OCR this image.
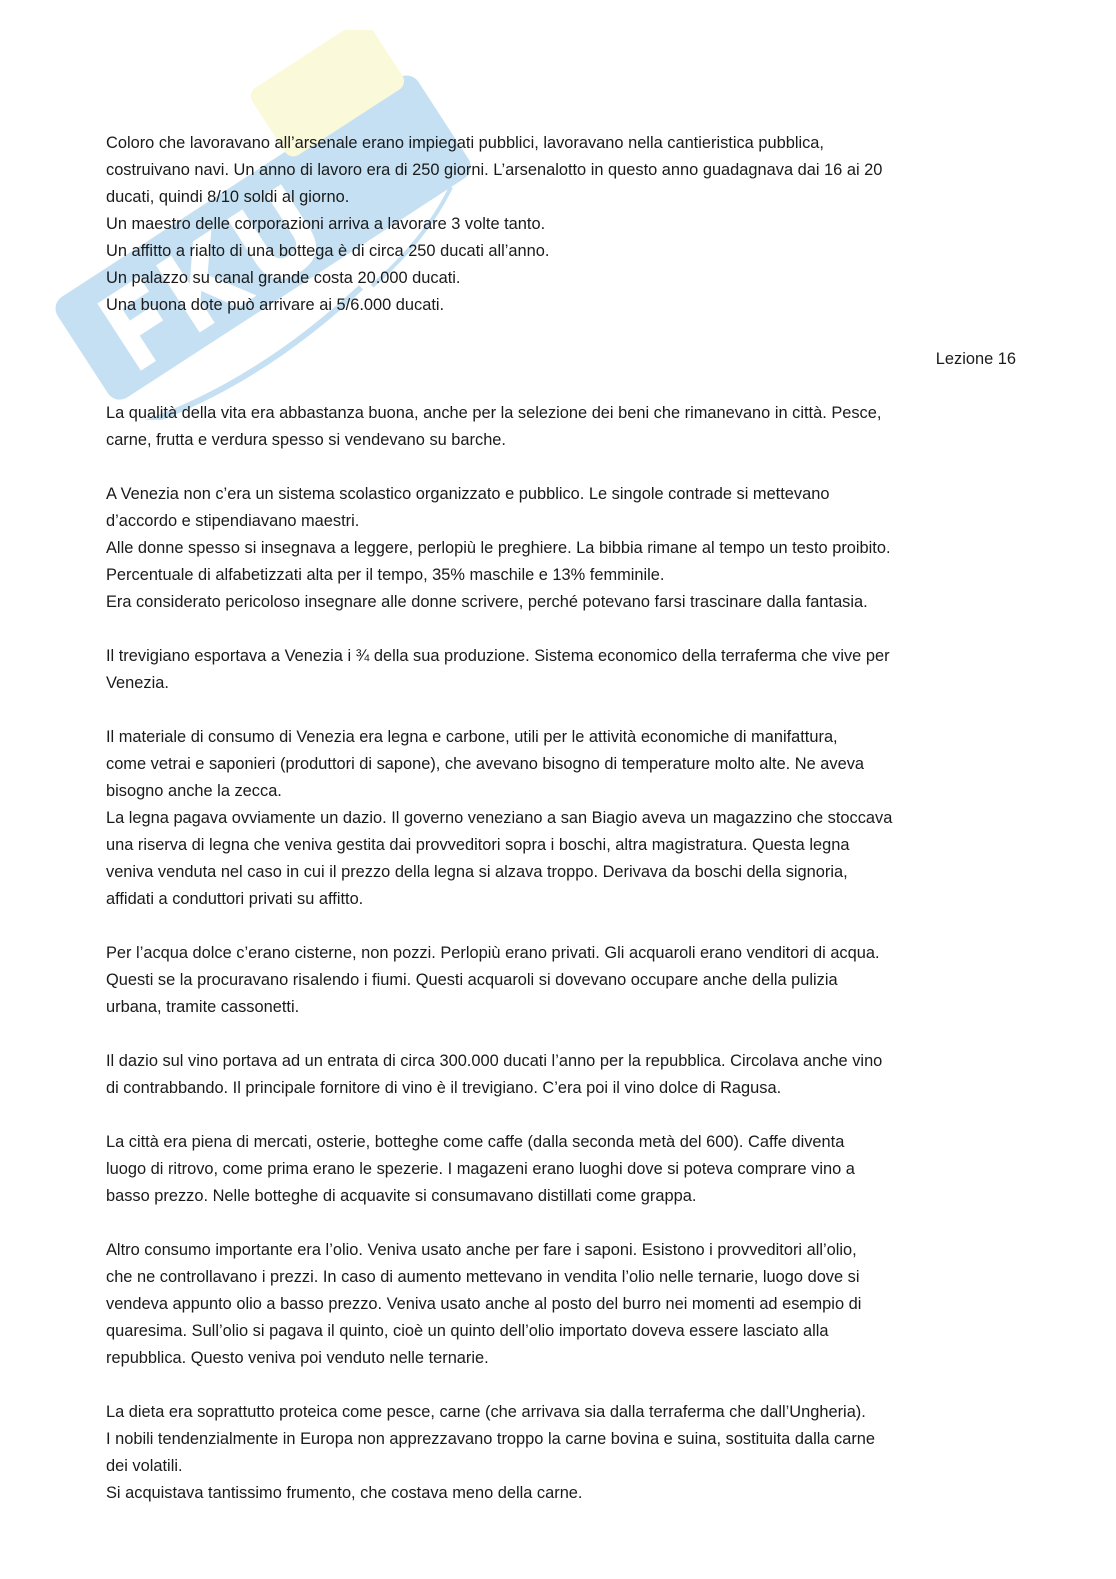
Coloro che lavoravano all’arsenale erano impiegati pubblici, lavoravano nella cantieristica pubblica,
costruivano navi. Un anno di lavoro era di 250 giorni. L’arsenalotto in questo anno guadagnava dai 16 ai 20
ducati, quindi 8/10 soldi al giorno.
Un maestro delle corporazioni arriva a lavorare 3 volte tanto.
Un affitto a rialto di una bottega è di circa 250 ducati all’anno.
Un palazzo su canal grande costa 20.000 ducati.
Una buona dote può arrivare ai 5/6.000 ducati.
Lezione 16
La qualità della vita era abbastanza buona, anche per la selezione dei beni che rimanevano in città. Pesce,
carne, frutta e verdura spesso si vendevano su barche.
A Venezia non c’era un sistema scolastico organizzato e pubblico. Le singole contrade si mettevano
d’accordo e stipendiavano maestri.
Alle donne spesso si insegnava a leggere, perlopiù le preghiere. La bibbia rimane al tempo un testo proibito.
Percentuale di alfabetizzati alta per il tempo, 35% maschile e 13% femminile.
Era considerato pericoloso insegnare alle donne scrivere, perché potevano farsi trascinare dalla fantasia.
Il trevigiano esportava a Venezia i ¾ della sua produzione. Sistema economico della terraferma che vive per
Venezia.
Il materiale di consumo di Venezia era legna e carbone, utili per le attività economiche di manifattura,
come vetrai e saponieri (produttori di sapone), che avevano bisogno di temperature molto alte. Ne aveva
bisogno anche la zecca.
La legna pagava ovviamente un dazio. Il governo veneziano a san Biagio aveva un magazzino che stoccava
una riserva di legna che veniva gestita dai provveditori sopra i boschi, altra magistratura. Questa legna
veniva venduta nel caso in cui il prezzo della legna si alzava troppo. Derivava da boschi della signoria,
affidati a conduttori privati su affitto.
Per l’acqua dolce c’erano cisterne, non pozzi. Perlopiù erano privati. Gli acquaroli erano venditori di acqua.
Questi se la procuravano risalendo i fiumi. Questi acquaroli si dovevano occupare anche della pulizia
urbana, tramite cassonetti.
Il dazio sul vino portava ad un entrata di circa 300.000 ducati l’anno per la repubblica. Circolava anche vino
di contrabbando. Il principale fornitore di vino è il trevigiano. C’era poi il vino dolce di Ragusa.
La città era piena di mercati, osterie, botteghe come caffe (dalla seconda metà del 600). Caffe diventa
luogo di ritrovo, come prima erano le spezerie. I magazeni erano luoghi dove si poteva comprare vino a
basso prezzo. Nelle botteghe di acquavite si consumavano distillati come grappa.
Altro consumo importante era l’olio. Veniva usato anche per fare i saponi. Esistono i provveditori all’olio,
che ne controllavano i prezzi. In caso di aumento mettevano in vendita l’olio nelle ternarie, luogo dove si
vendeva appunto olio a basso prezzo. Veniva usato anche al posto del burro nei momenti ad esempio di
quaresima. Sull’olio si pagava il quinto, cioè un quinto dell’olio importato doveva essere lasciato alla
repubblica. Questo veniva poi venduto nelle ternarie.
La dieta era soprattutto proteica come pesce, carne (che arrivava sia dalla terraferma che dall’Ungheria).
I nobili tendenzialmente in Europa non apprezzavano troppo la carne bovina e suina, sostituita dalla carne
dei volatili.
Si acquistava tantissimo frumento, che costava meno della carne.
